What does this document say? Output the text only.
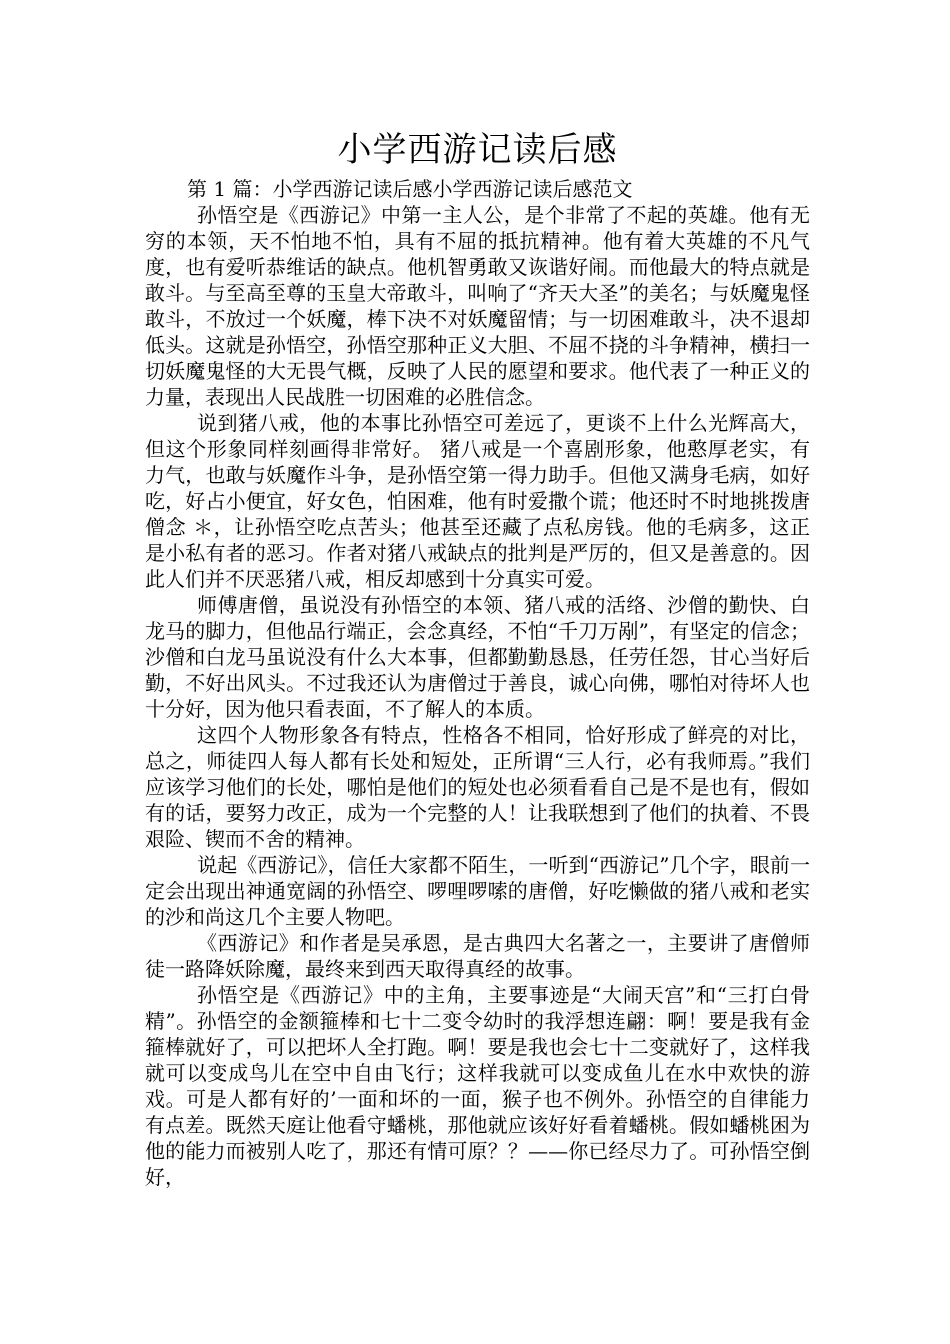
小学西游记读后感
第 1 篇：小学西游记读后感小学西游记读后感范文

孙悟空是《西游记》中第一主人公，是个非常了不起的英雄。他有无穷的本领，天不怕地不怕，具有不屈的抵抗精神。他有着大英雄的不凡气度，也有爱听恭维话的缺点。他机智勇敢又诙谐好闹。而他最大的特点就是敢斗。与至高至尊的玉皇大帝敢斗，叫响了“齐天大圣”的美名；与妖魔鬼怪敢斗，不放过一个妖魔，棒下决不对妖魔留情；与一切困难敢斗，决不退却低头。这就是孙悟空，孙悟空那种正义大胆、不屈不挠的斗争精神，横扫一切妖魔鬼怪的大无畏气概，反映了人民的愿望和要求。他代表了一种正义的力量，表现出人民战胜一切困难的必胜信念。

说到猪八戒，他的本事比孙悟空可差远了，更谈不上什么光辉高大，但这个形象同样刻画得非常好。 猪八戒是一个喜剧形象，他憨厚老实，有力气，也敢与妖魔作斗争，是孙悟空第一得力助手。但他又满身毛病，如好吃，好占小便宜，好女色，怕困难，他有时爱撒个谎；他还时不时地挑拨唐僧念 ＊，让孙悟空吃点苦头；他甚至还藏了点私房钱。他的毛病多，这正是小私有者的恶习。作者对猪八戒缺点的批判是严厉的，但又是善意的。因此人们并不厌恶猪八戒，相反却感到十分真实可爱。

师傅唐僧，虽说没有孙悟空的本领、猪八戒的活络、沙僧的勤快、白龙马的脚力，但他品行端正，会念真经，不怕“千刀万剐”，有坚定的信念；沙僧和白龙马虽说没有什么大本事，但都勤勤恳恳，任劳任怨，甘心当好后勤，不好出风头。不过我还认为唐僧过于善良，诚心向佛，哪怕对待坏人也十分好，因为他只看表面，不了解人的本质。

这四个人物形象各有特点，性格各不相同，恰好形成了鲜亮的对比，总之，师徒四人每人都有长处和短处，正所谓“三人行，必有我师焉。”我们应该学习他们的长处，哪怕是他们的短处也必须看看自己是不是也有，假如有的话，要努力改正，成为一个完整的人！让我联想到了他们的执着、不畏艰险、锲而不舍的精神。

说起《西游记》，信任大家都不陌生，一听到“西游记”几个字，眼前一定会出现出神通宽阔的孙悟空、啰哩啰嗦的唐僧，好吃懒做的猪八戒和老实的沙和尚这几个主要人物吧。

《西游记》和作者是吴承恩，是古典四大名著之一，主要讲了唐僧师徒一路降妖除魔，最终来到西天取得真经的故事。

孙悟空是《西游记》中的主角，主要事迹是“大闹天宫”和“三打白骨精”。孙悟空的金额箍棒和七十二变令幼时的我浮想连翩：啊！要是我有金箍棒就好了，可以把坏人全打跑。啊！要是我也会七十二变就好了，这样我就可以变成鸟儿在空中自由飞行；这样我就可以变成鱼儿在水中欢快的游戏。可是人都有好的’一面和坏的一面，猴子也不例外。孙悟空的自律能力有点差。既然天庭让他看守蟠桃，那他就应该好好看着蟠桃。假如蟠桃困为他的能力而被别人吃了，那还有情可原？？——你已经尽力了。可孙悟空倒好，
